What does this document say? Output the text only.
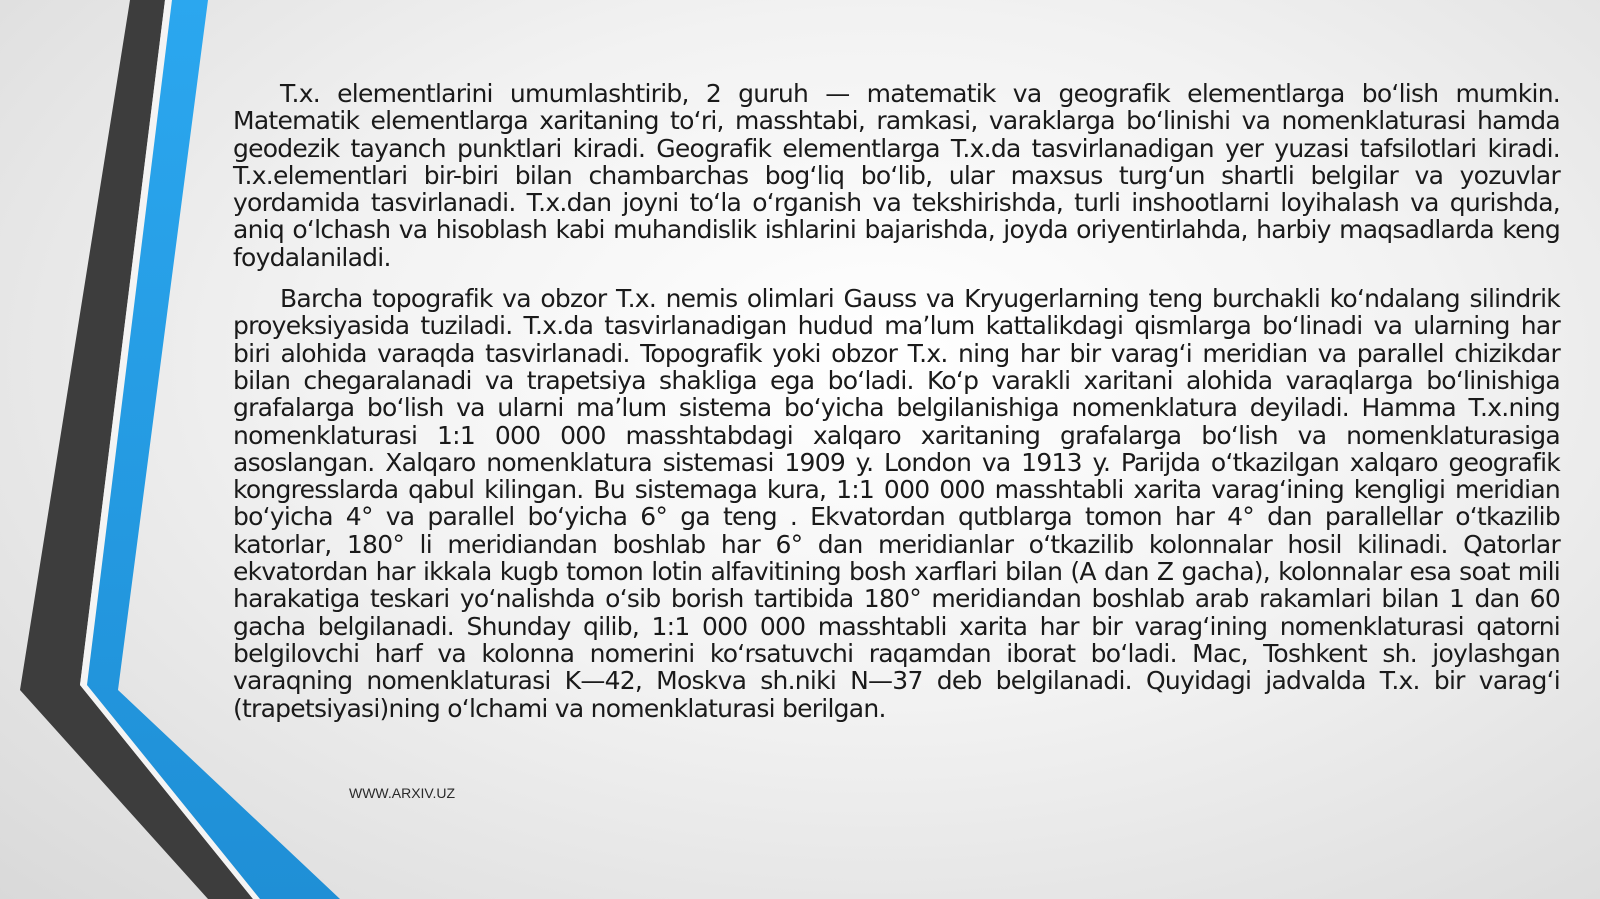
T.x. elementlarini umumlashtirib, 2 guruh — matematik va geografik elementlarga boʻlish mumkin. Matematik elementlarga xaritaning toʻri, masshtabi, ramkasi, varaklarga boʻlinishi va nomenklaturasi hamda geodezik tayanch punktlari kiradi. Geografik elementlarga T.x.da tasvirlanadigan yer yuzasi tafsilotlari kiradi. T.x.elementlari bir-biri bilan chambarchas bogʻliq boʻlib, ular maxsus turgʻun shartli belgilar va yozuvlar yordamida tasvirlanadi. T.x.dan joyni toʻla oʻrganish va tekshirishda, turli inshootlarni loyihalash va qurishda, aniq oʻlchash va hisoblash kabi muhandislik ishlarini bajarishda, joyda oriyentirlahda, harbiy maqsadlarda keng foydalaniladi.

Barcha topografik va obzor T.x. nemis olimlari Gauss va Kryugerlarning teng burchakli koʻndalang silindrik proyeksiyasida tuziladi. T.x.da tasvirlanadigan hudud maʼlum kattalikdagi qismlarga boʻlinadi va ularning har biri alohida varaqda tasvirlanadi. Topografik yoki obzor T.x. ning har bir varagʻi meridian va parallel chizikdar bilan chegaralanadi va trapetsiya shakliga ega boʻladi. Koʻp varakli xaritani alohida varaqlarga boʻlinishiga grafalarga boʻlish va ularni maʼlum sistema boʻyicha belgilanishiga nomenklatura deyiladi. Hamma T.x.ning nomenklaturasi 1:1 000 000 masshtabdagi xalqaro xaritaning grafalarga boʻlish va nomenklaturasiga asoslangan. Xalqaro nomenklatura sistemasi 1909 y. London va 1913 y. Parijda oʻtkazilgan xalqaro geografik kongresslarda qabul kilingan. Bu sistemaga kura, 1:1 000 000 masshtabli xarita varagʻining kengligi meridian boʻyicha 4° va parallel boʻyicha 6° ga teng . Ekvatordan qutblarga tomon har 4° dan parallellar oʻtkazilib katorlar, 180° li meridiandan boshlab har 6° dan meridianlar oʻtkazilib kolonnalar hosil kilinadi. Qatorlar ekvatordan har ikkala kugb tomon lotin alfavitining bosh xarflari bilan (A dan Z gacha), kolonnalar esa soat mili harakatiga teskari yoʻnalishda oʻsib borish tartibida 180° meridiandan boshlab arab rakamlari bilan 1 dan 60 gacha belgilanadi. Shunday qilib, 1:1 000 000 masshtabli xarita har bir varagʻining nomenklaturasi qatorni belgilovchi harf va kolonna nomerini koʻrsatuvchi raqamdan iborat boʻladi. Mac, Toshkent sh. joylashgan varaqning nomenklaturasi K—42, Moskva sh.niki N—37 deb belgilanadi. Quyidagi jadvalda T.x. bir varagʻi (trapetsiyasi)ning oʻlchami va nomenklaturasi berilgan.

WWW.ARXIV.UZ
